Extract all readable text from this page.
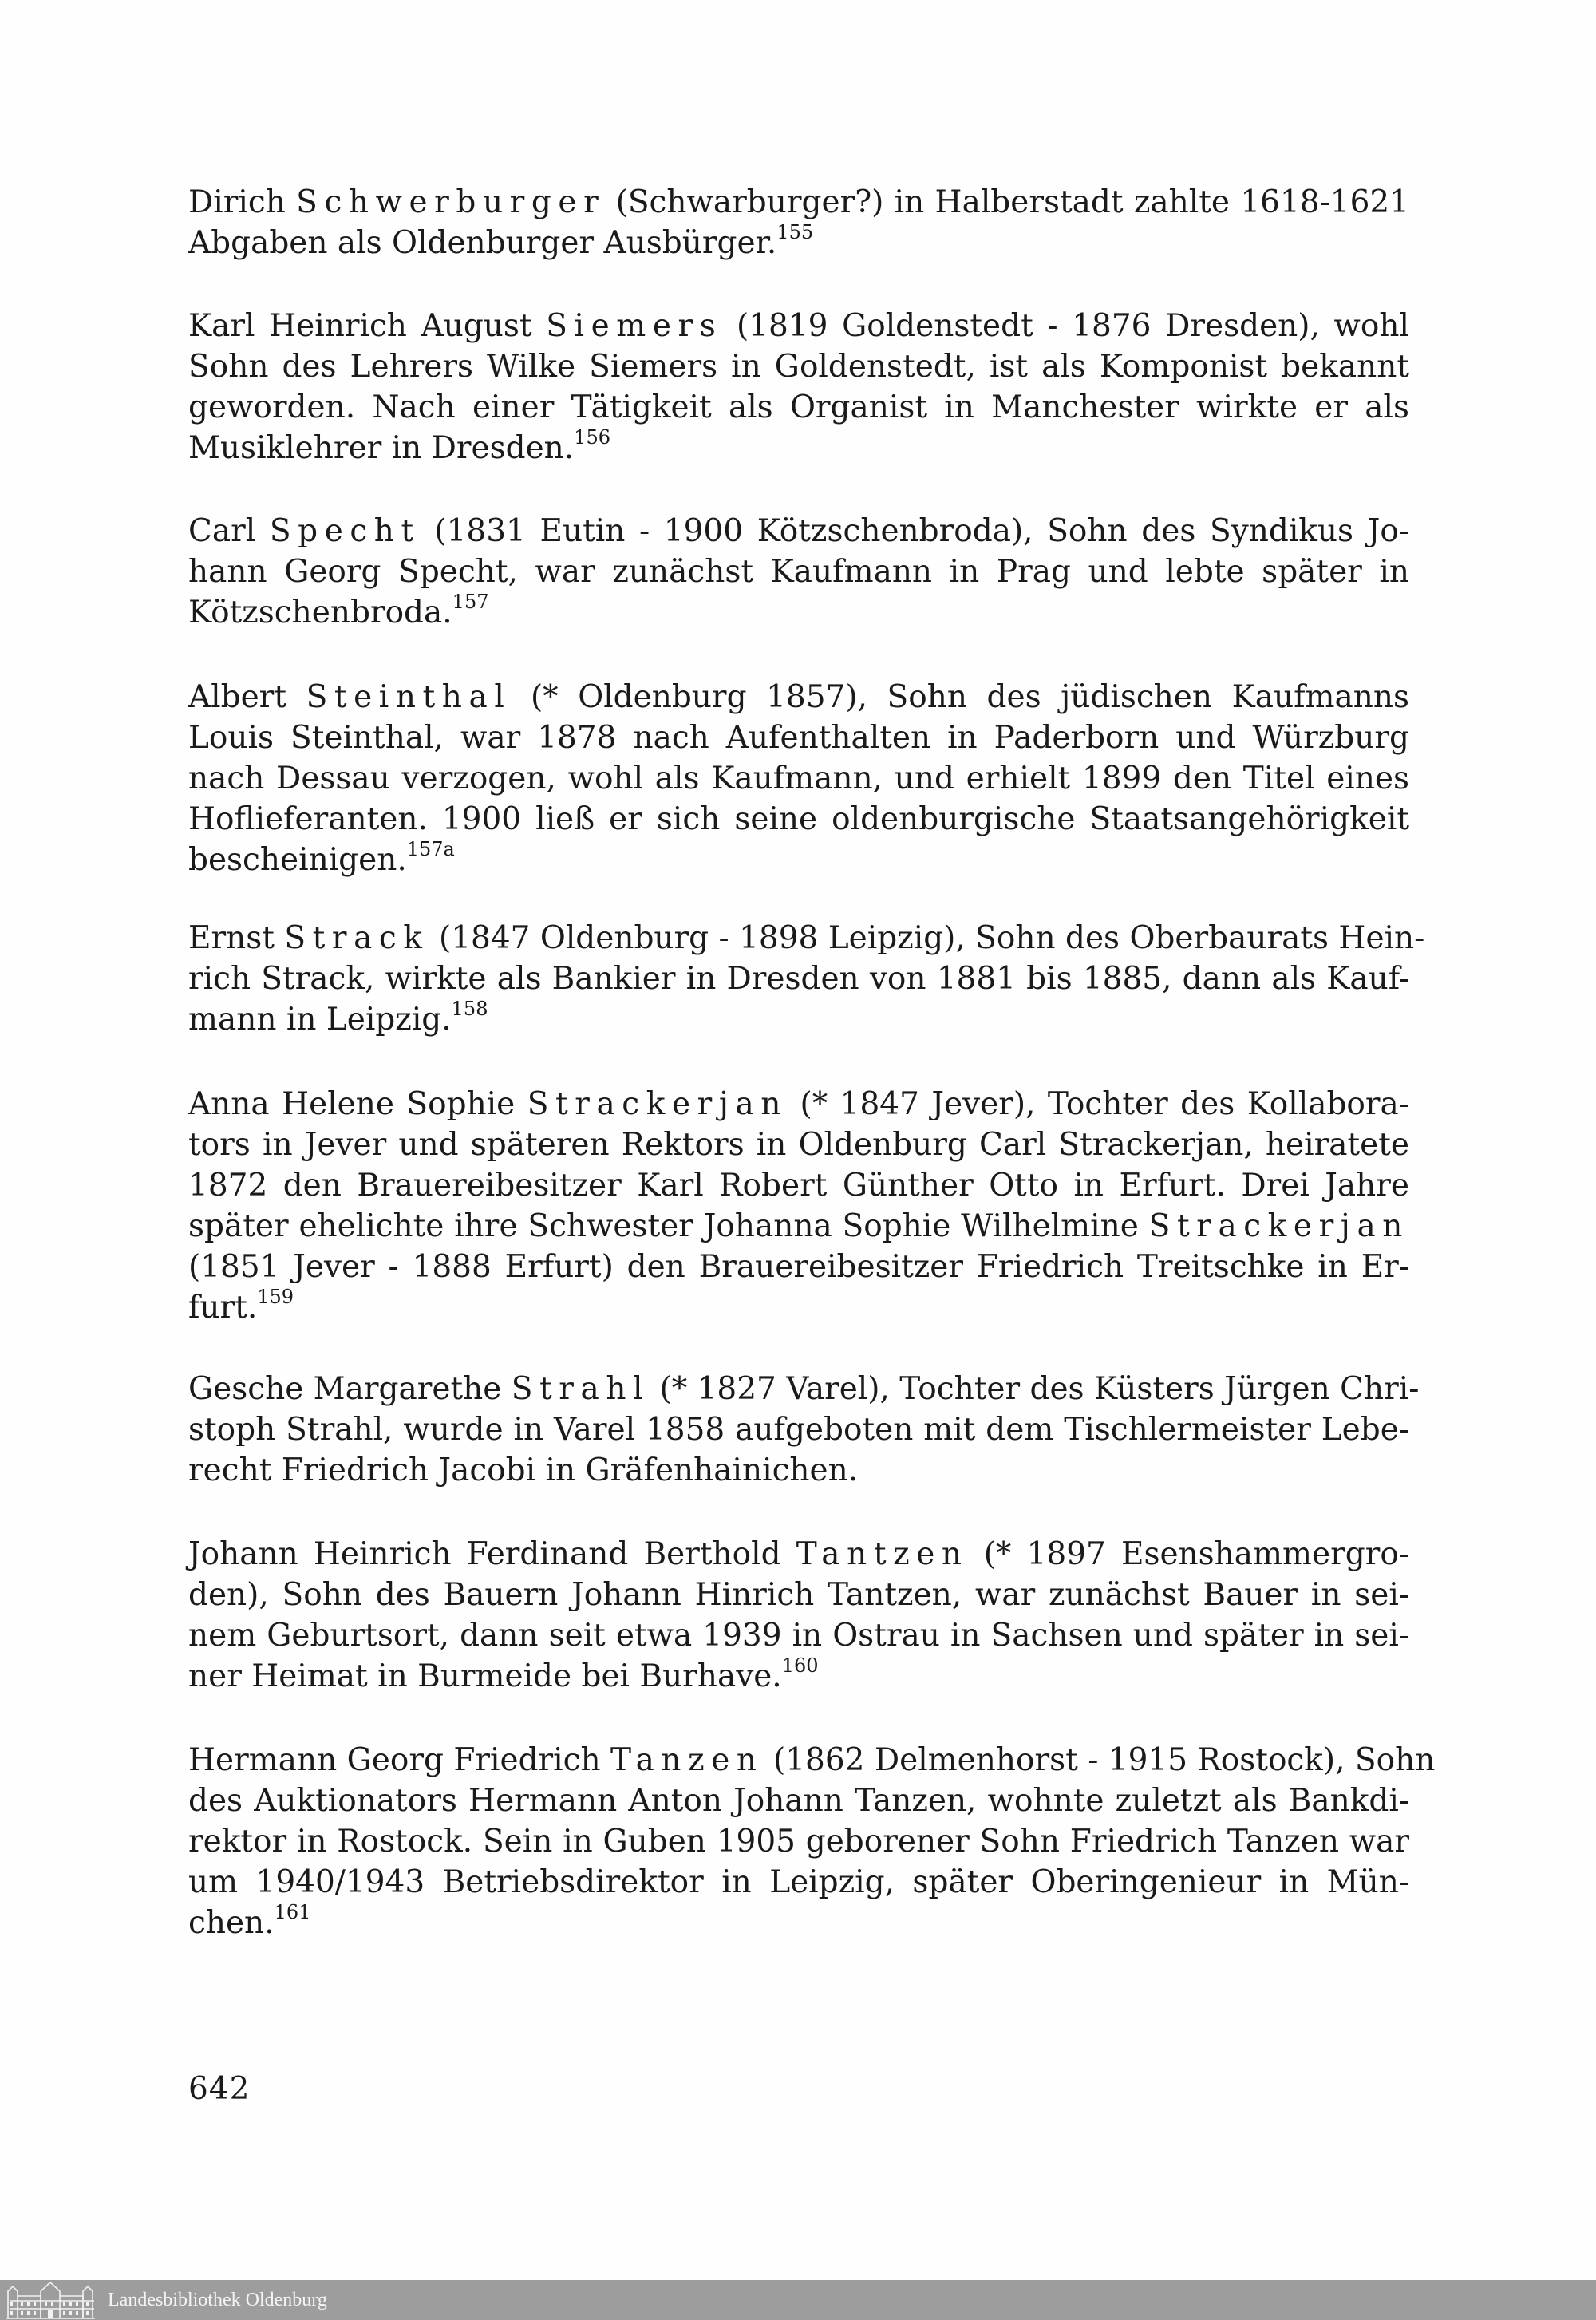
Dirich Schwerburger (Schwarburger?) in Halberstadt zahlte 1618-1621
Abgaben als Oldenburger Ausbürger.$^{155}$
Karl Heinrich August Siemers (1819 Goldenstedt - 1876 Dresden), wohl
Sohn des Lehrers Wilke Siemers in Goldenstedt, ist als Komponist bekannt
geworden. Nach einer Tätigkeit als Organist in Manchester wirkte er als
Musiklehrer in Dresden.$^{156}$
Carl Specht (1831 Eutin - 1900 Kötzschenbroda), Sohn des Syndikus Jo-
hann Georg Specht, war zunächst Kaufmann in Prag und lebte später in
Kötzschenbroda.$^{157}$
Albert Steinthal (* Oldenburg 1857), Sohn des jüdischen Kaufmanns
Louis Steinthal, war 1878 nach Aufenthalten in Paderborn und Würzburg
nach Dessau verzogen, wohl als Kaufmann, und erhielt 1899 den Titel eines
Hoflieferanten. 1900 ließ er sich seine oldenburgische Staatsangehörigkeit
bescheinigen.$^{157a}$
Ernst Strack (1847 Oldenburg - 1898 Leipzig), Sohn des Oberbaurats Hein-
rich Strack, wirkte als Bankier in Dresden von 1881 bis 1885, dann als Kauf-
mann in Leipzig.$^{158}$
Anna Helene Sophie Strackerjan (* 1847 Jever), Tochter des Kollabora-
tors in Jever und späteren Rektors in Oldenburg Carl Strackerjan, heiratete
1872 den Brauereibesitzer Karl Robert Günther Otto in Erfurt. Drei Jahre
später ehelichte ihre Schwester Johanna Sophie Wilhelmine Strackerjan
(1851 Jever - 1888 Erfurt) den Brauereibesitzer Friedrich Treitschke in Er-
furt.$^{159}$
Gesche Margarethe Strahl (* 1827 Varel), Tochter des Küsters Jürgen Chri-
stoph Strahl, wurde in Varel 1858 aufgeboten mit dem Tischlermeister Lebe-
recht Friedrich Jacobi in Gräfenhainichen.
Johann Heinrich Ferdinand Berthold Tantzen (* 1897 Esenshammergro-
den), Sohn des Bauern Johann Hinrich Tantzen, war zunächst Bauer in sei-
nem Geburtsort, dann seit etwa 1939 in Ostrau in Sachsen und später in sei-
ner Heimat in Burmeide bei Burhave.$^{160}$
Hermann Georg Friedrich Tanzen (1862 Delmenhorst - 1915 Rostock), Sohn
des Auktionators Hermann Anton Johann Tanzen, wohnte zuletzt als Bankdi-
rektor in Rostock. Sein in Guben 1905 geborener Sohn Friedrich Tanzen war
um 1940/1943 Betriebsdirektor in Leipzig, später Oberingenieur in Mün-
chen.$^{161}$
642
Landesbibliothek Oldenburg
